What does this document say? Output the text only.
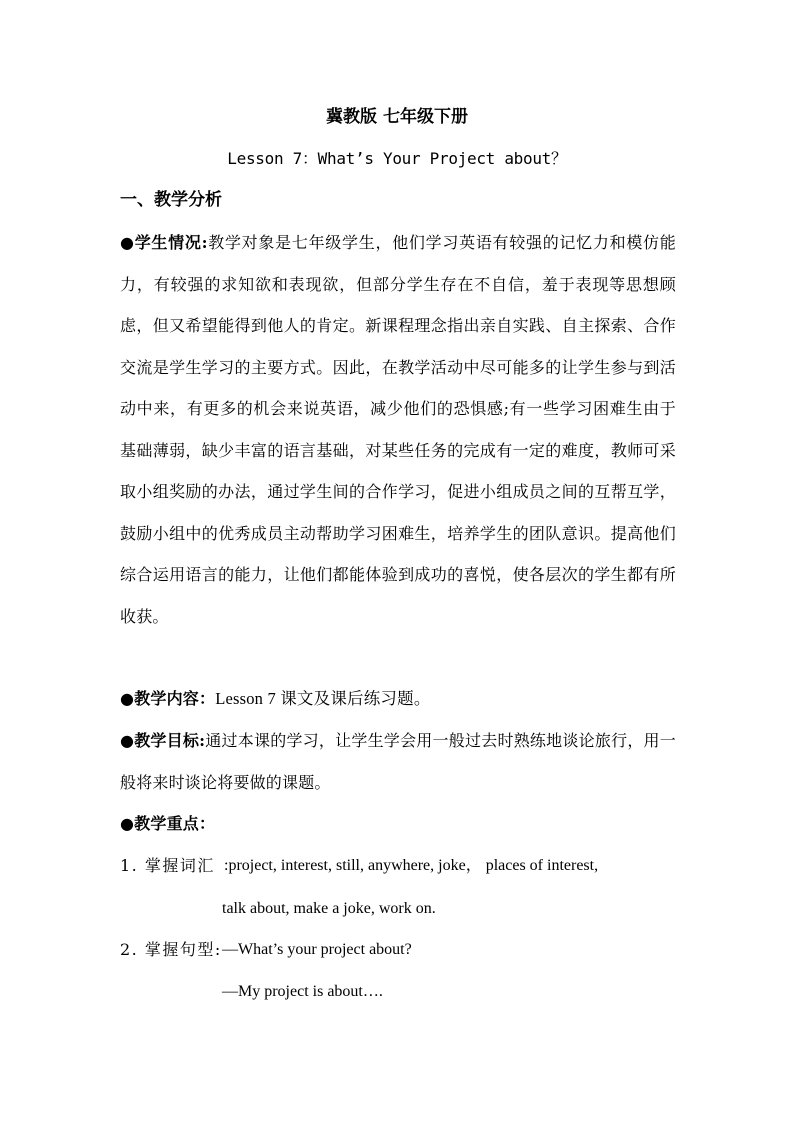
冀教版 七年级下册
Lesson 7：What’s Your Project about？
一、教学分析
●学生情况:教学对象是七年级学生，他们学习英语有较强的记忆力和模仿能力，有较强的求知欲和表现欲，但部分学生存在不自信，羞于表现等思想顾虑，但又希望能得到他人的肯定。新课程理念指出亲自实践、自主探索、合作交流是学生学习的主要方式。因此，在教学活动中尽可能多的让学生参与到活动中来，有更多的机会来说英语，减少他们的恐惧感;有一些学习困难生由于基础薄弱，缺少丰富的语言基础，对某些任务的完成有一定的难度，教师可采取小组奖励的办法，通过学生间的合作学习，促进小组成员之间的互帮互学，鼓励小组中的优秀成员主动帮助学习困难生，培养学生的团队意识。提高他们综合运用语言的能力，让他们都能体验到成功的喜悦，使各层次的学生都有所收获。
●教学内容：Lesson 7 课文及课后练习题。
●教学目标:通过本课的学习，让学生学会用一般过去时熟练地谈论旅行，用一般将来时谈论将要做的课题。
●教学重点：
1. 掌握词汇 :project, interest, still, anywhere, joke， places of interest,
talk about, make a joke, work on.
2. 掌握句型: —What’s your project about?
—My project is about….
